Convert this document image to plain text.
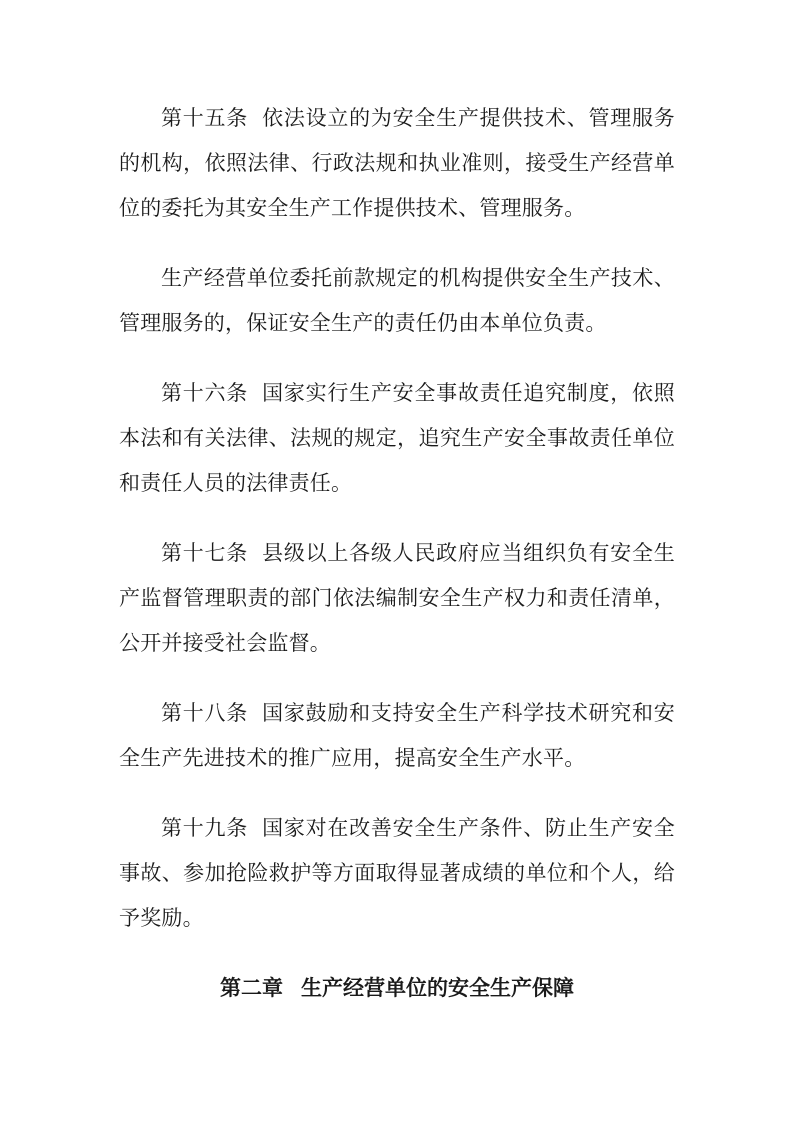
第十五条 依法设立的为安全生产提供技术、管理服务的机构，依照法律、行政法规和执业准则，接受生产经营单位的委托为其安全生产工作提供技术、管理服务。

生产经营单位委托前款规定的机构提供安全生产技术、管理服务的，保证安全生产的责任仍由本单位负责。

第十六条 国家实行生产安全事故责任追究制度，依照本法和有关法律、法规的规定，追究生产安全事故责任单位和责任人员的法律责任。

第十七条 县级以上各级人民政府应当组织负有安全生产监督管理职责的部门依法编制安全生产权力和责任清单，公开并接受社会监督。

第十八条 国家鼓励和支持安全生产科学技术研究和安全生产先进技术的推广应用，提高安全生产水平。

第十九条 国家对在改善安全生产条件、防止生产安全事故、参加抢险救护等方面取得显著成绩的单位和个人，给予奖励。

第二章 生产经营单位的安全生产保障
